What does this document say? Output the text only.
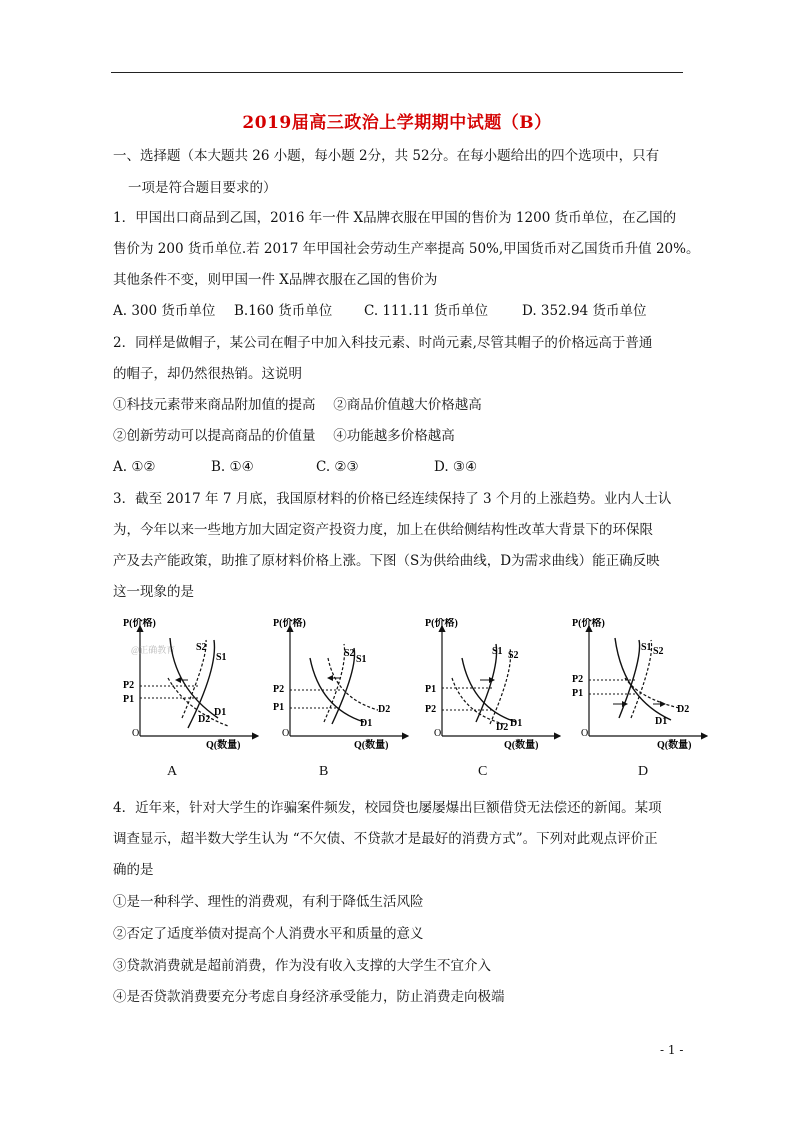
2019届高三政治上学期期中试题（B）
一、选择题（本大题共 26 小题，每小题 2分，共 52分。在每小题给出的四个选项中，只有
一项是符合题目要求的）
1．甲国出口商品到乙国，2016 年一件 X品牌衣服在甲国的售价为 1200 货币单位，在乙国的
售价为 200 货币单位.若 2017 年甲国社会劳动生产率提高 50%,甲国货币对乙国货币升值 20%。
其他条件不变，则甲国一件 X品牌衣服在乙国的售价为
A. 300 货币单位 B.160 货币单位 C. 111.11 货币单位	D. 352.94 货币单位
2．同样是做帽子，某公司在帽子中加入科技元素、时尚元素,尽管其帽子的价格远高于普通
的帽子，却仍然很热销。这说明
①科技元素带来商品附加值的提高　 ②商品价值越大价格越高
②创新劳动可以提高商品的价值量　 ④功能越多价格越高
A. ①②	B. ①④	C. ②③	D. ③④
3．截至 2017 年 7 月底，我国原材料的价格已经连续保持了 3 个月的上涨趋势。业内人士认
为，今年以来一些地方加大固定资产投资力度，加上在供给侧结构性改革大背景下的环保限
产及去产能政策，助推了原材料价格上涨。下图（S为供给曲线，D为需求曲线）能正确反映
这一现象的是
P(价格)
Q(数量)
O
P2
P1
@正确教育 S2
S1
D1
D2
P(价格)
Q(数量)
O
P2
P1
S2
S1
D2
D1
P(价格)
Q(数量)
O
P1
P2
S1 S2
D1
D2
P(价格)
Q(数量)
O
P2
P1
S1 S2
D2
D1
A	B	C	D
4．近年来，针对大学生的诈骗案件频发，校园贷也屡屡爆出巨额借贷无法偿还的新闻。某项
调查显示，超半数大学生认为 “不欠债、不贷款才是最好的消费方式”。下列对此观点评价正
确的是
①是一种科学、理性的消费观，有利于降低生活风险
②否定了适度举债对提高个人消费水平和质量的意义
③贷款消费就是超前消费，作为没有收入支撑的大学生不宜介入
④是否贷款消费要充分考虑自身经济承受能力，防止消费走向极端
- 1 -
